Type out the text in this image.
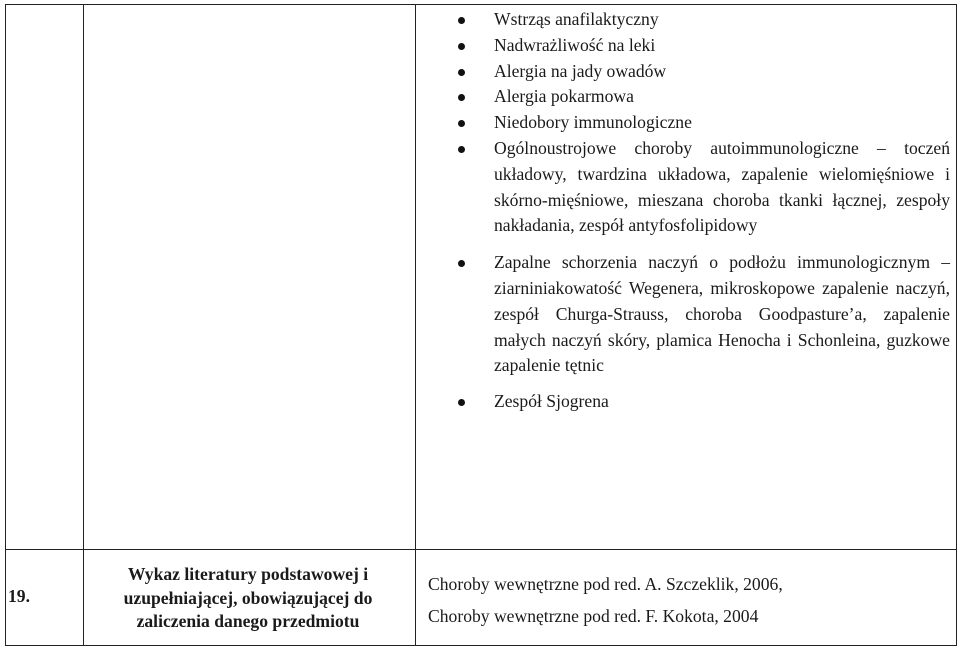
Wstrząs anafilaktyczny
Nadwrażliwość na leki
Alergia na jady owadów
Alergia pokarmowa
Niedobory immunologiczne
Ogólnoustrojowe choroby autoimmunologiczne – toczeń układowy, twardzina układowa, zapalenie wielomięśniowe i skórno-mięśniowe, mieszana choroba tkanki łącznej, zespoły nakładania, zespół antyfosfolipidowy
Zapalne schorzenia naczyń o podłożu immunologicznym – ziarniniakowatość Wegenera, mikroskopowe zapalenie naczyń, zespół Churga-Strauss, choroba Goodpasture’a, zapalenie małych naczyń skóry, plamica Henocha i Schonleina, guzkowe zapalenie tętnic
Zespół Sjogrena
19.
Wykaz literatury podstawowej i uzupełniającej, obowiązującej do zaliczenia danego przedmiotu
Choroby wewnętrzne pod red. A. Szczeklik, 2006,
Choroby wewnętrzne pod red. F. Kokota, 2004
